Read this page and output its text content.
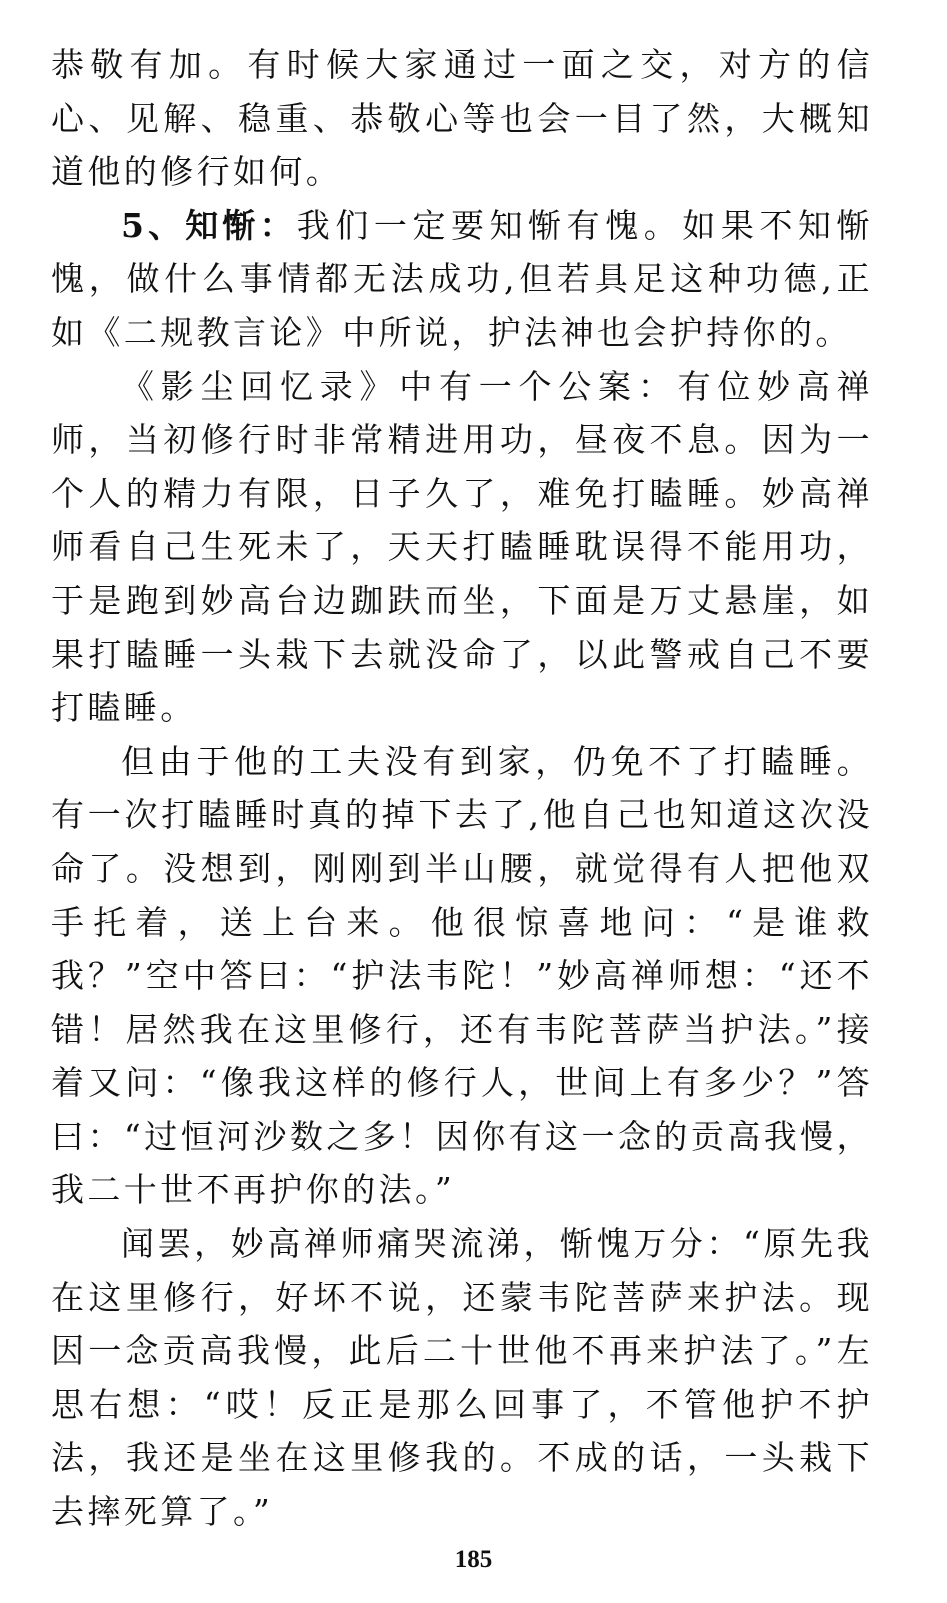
恭敬有加。有时候大家通过一面之交，对方的信心、见解、稳重、恭敬心等也会一目了然，大概知道他的修行如何。

5、知惭：我们一定要知惭有愧。如果不知惭愧，做什么事情都无法成功,但若具足这种功德,正如《二规教言论》中所说，护法神也会护持你的。

《影尘回忆录》中有一个公案：有位妙高禅师，当初修行时非常精进用功，昼夜不息。因为一个人的精力有限，日子久了，难免打瞌睡。妙高禅师看自己生死未了，天天打瞌睡耽误得不能用功，于是跑到妙高台边跏趺而坐，下面是万丈悬崖，如果打瞌睡一头栽下去就没命了，以此警戒自己不要打瞌睡。

但由于他的工夫没有到家，仍免不了打瞌睡。有一次打瞌睡时真的掉下去了,他自己也知道这次没命了。没想到，刚刚到半山腰，就觉得有人把他双手托着，送上台来。他很惊喜地问：“是谁救我？”空中答曰：“护法韦陀！”妙高禅师想：“还不错！居然我在这里修行，还有韦陀菩萨当护法。”接着又问：“像我这样的修行人，世间上有多少？”答曰：“过恒河沙数之多！因你有这一念的贡高我慢，我二十世不再护你的法。”

闻罢，妙高禅师痛哭流涕，惭愧万分：“原先我在这里修行，好坏不说，还蒙韦陀菩萨来护法。现因一念贡高我慢，此后二十世他不再来护法了。”左思右想：“哎！反正是那么回事了，不管他护不护法，我还是坐在这里修我的。不成的话，一头栽下去摔死算了。”

185
